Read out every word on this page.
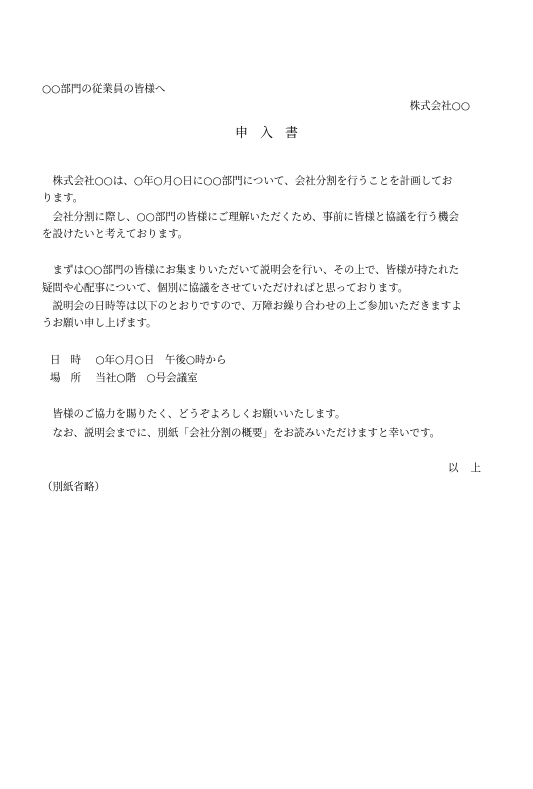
○○部門の従業員の皆様へ
株式会社○○
申入書
　株式会社○○は、○年○月○日に○○部門について、会社分割を行うことを計画してお
ります。
　会社分割に際し、○○部門の皆様にご理解いただくため、事前に皆様と協議を行う機会
を設けたいと考えております。
　まずは○○部門の皆様にお集まりいただいて説明会を行い、その上で、皆様が持たれた
疑問や心配事について、個別に協議をさせていただければと思っております。
　説明会の日時等は以下のとおりですので、万障お繰り合わせの上ご参加いただきますよ
うお願い申し上げます。
日時 ○年○月○日　午後○時から
場所 当社○階　○号会議室
　皆様のご協力を賜りたく、どうぞよろしくお願いいたします。
　なお、説明会までに、別紙「会社分割の概要」をお読みいただけますと幸いです。
以上
（別紙省略）
